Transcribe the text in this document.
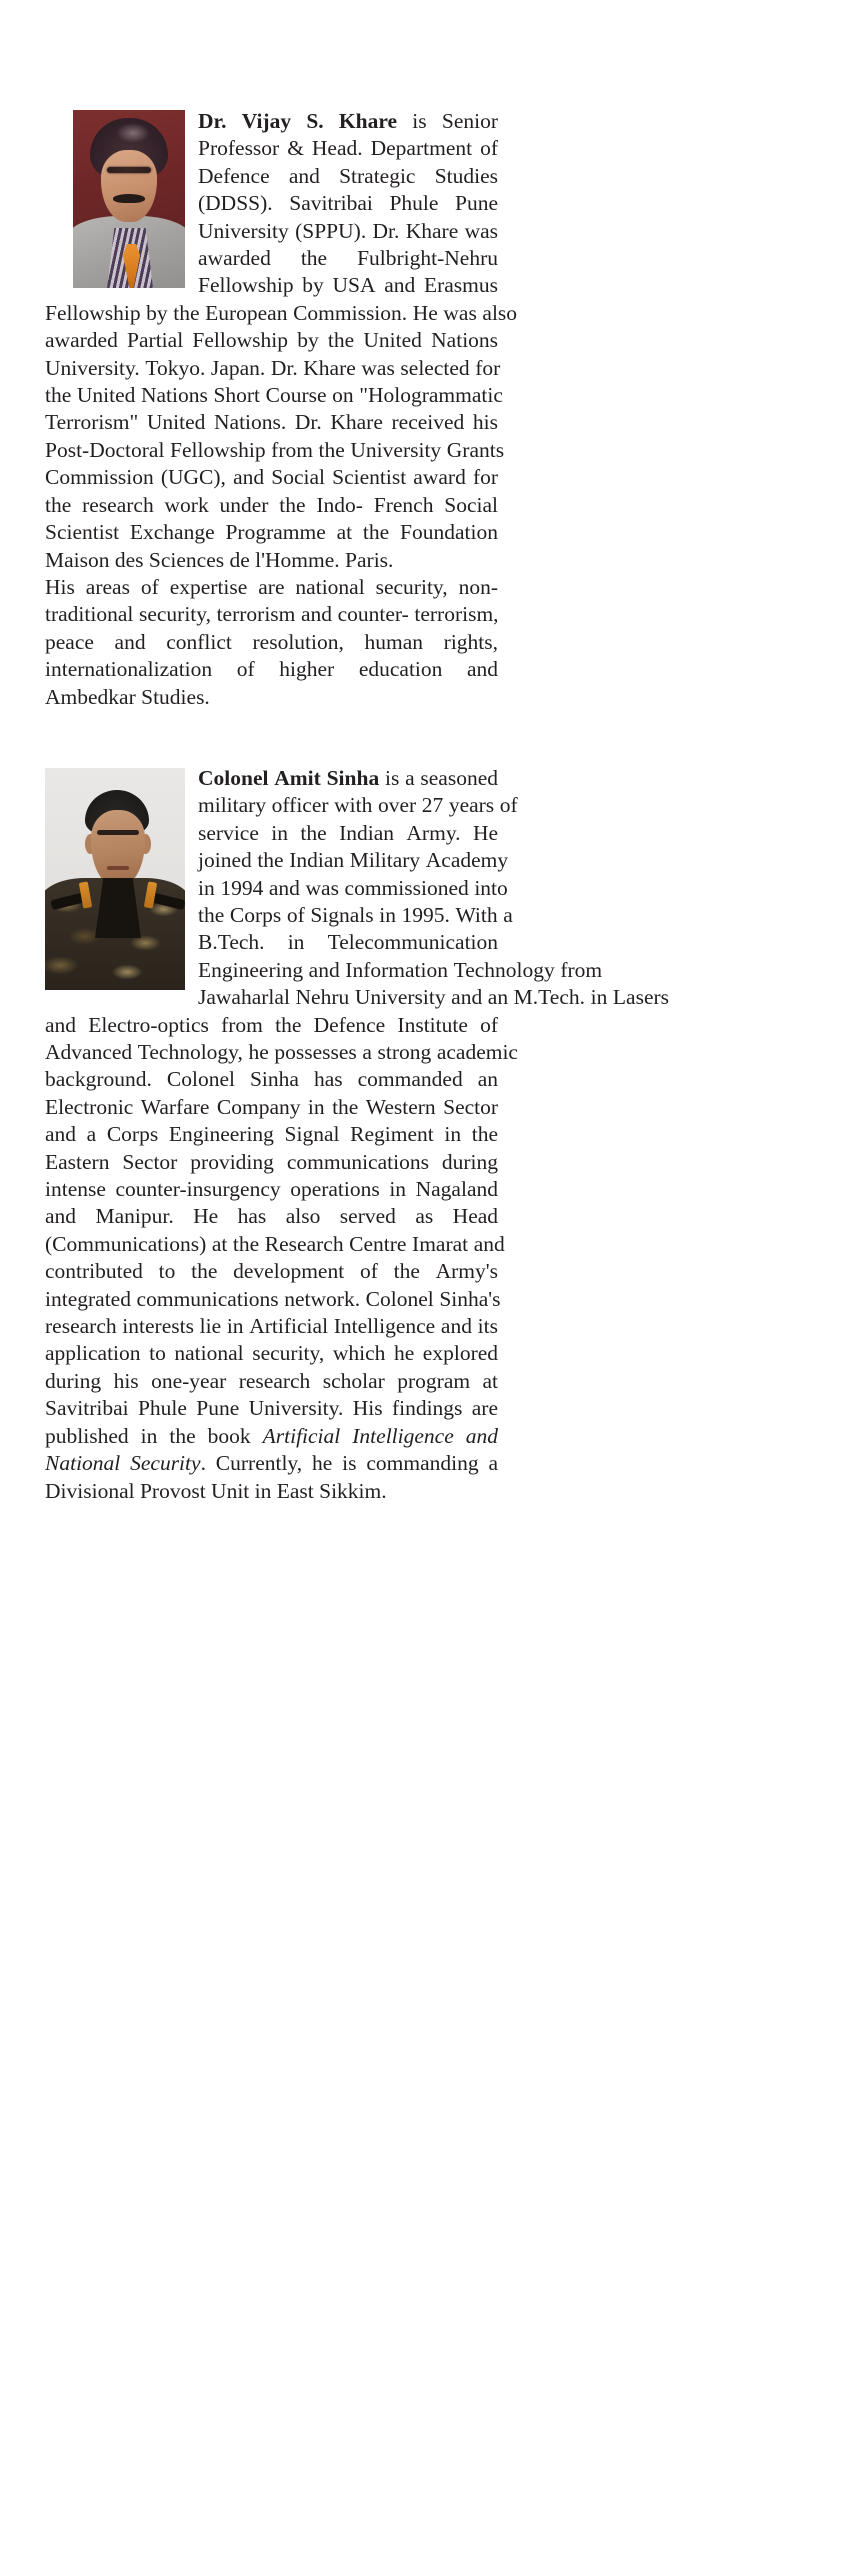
Dr.
Vijay
S.
Khare
is
Senior
Professor
&
Head.
Department
of
Defence
and
Strategic
Studies
(DDSS).
Savitribai
Phule
Pune
University
(SPPU).
Dr.
Khare
was
awarded
the
Fulbright-Nehru
Fellowship
by
USA
and
Erasmus
Fellowship
by
the
European
Commission.
He
was
also
awarded
Partial
Fellowship
by
the
United
Nations
University.
Tokyo.
Japan.
Dr.
Khare
was
selected
for
the
United
Nations
Short
Course
on
"Hologrammatic
Terrorism"
United
Nations.
Dr.
Khare
received
his
Post-Doctoral
Fellowship
from
the
University
Grants
Commission
(UGC),
and
Social
Scientist
award
for
the
research
work
under
the
Indo-
French
Social
Scientist
Exchange
Programme
at
the
Foundation
Maison des Sciences de l'Homme. Paris.

His
areas
of
expertise
are
national
security,
non-
traditional
security,
terrorism
and
counter-
terrorism,
peace
and
conflict
resolution,
human
rights,
internationalization
of
higher
education
and
Ambedkar Studies.

Colonel
Amit
Sinha
is
a
seasoned
military
officer
with
over
27
years
of
service
in
the
Indian
Army.
He
joined
the
Indian
Military
Academy
in
1994
and
was
commissioned
into
the
Corps
of
Signals
in
1995.
With
a
B.Tech.
in
Telecommunication
Engineering
and
Information
Technology
from
Jawaharlal
Nehru
University
and
an
M.Tech.
in
Lasers
and
Electro-optics
from
the
Defence
Institute
of
Advanced
Technology,
he
possesses
a
strong
academic
background.
Colonel
Sinha
has
commanded
an
Electronic
Warfare
Company
in
the
Western
Sector
and
a
Corps
Engineering
Signal
Regiment
in
the
Eastern
Sector
providing
communications
during
intense
counter-insurgency
operations
in
Nagaland
and
Manipur.
He
has
also
served
as
Head
(Communications)
at
the
Research
Centre
Imarat
and
contributed
to
the
development
of
the
Army's
integrated
communications
network.
Colonel
Sinha's
research
interests
lie
in
Artificial
Intelligence
and
its
application
to
national
security,
which
he
explored
during
his
one-year
research
scholar
program
at
Savitribai
Phule
Pune
University.
His
findings
are
published
in
the
book
Artificial
Intelligence
and
National
Security .
Currently,
he
is
commanding
a
Divisional Provost Unit in East Sikkim.
